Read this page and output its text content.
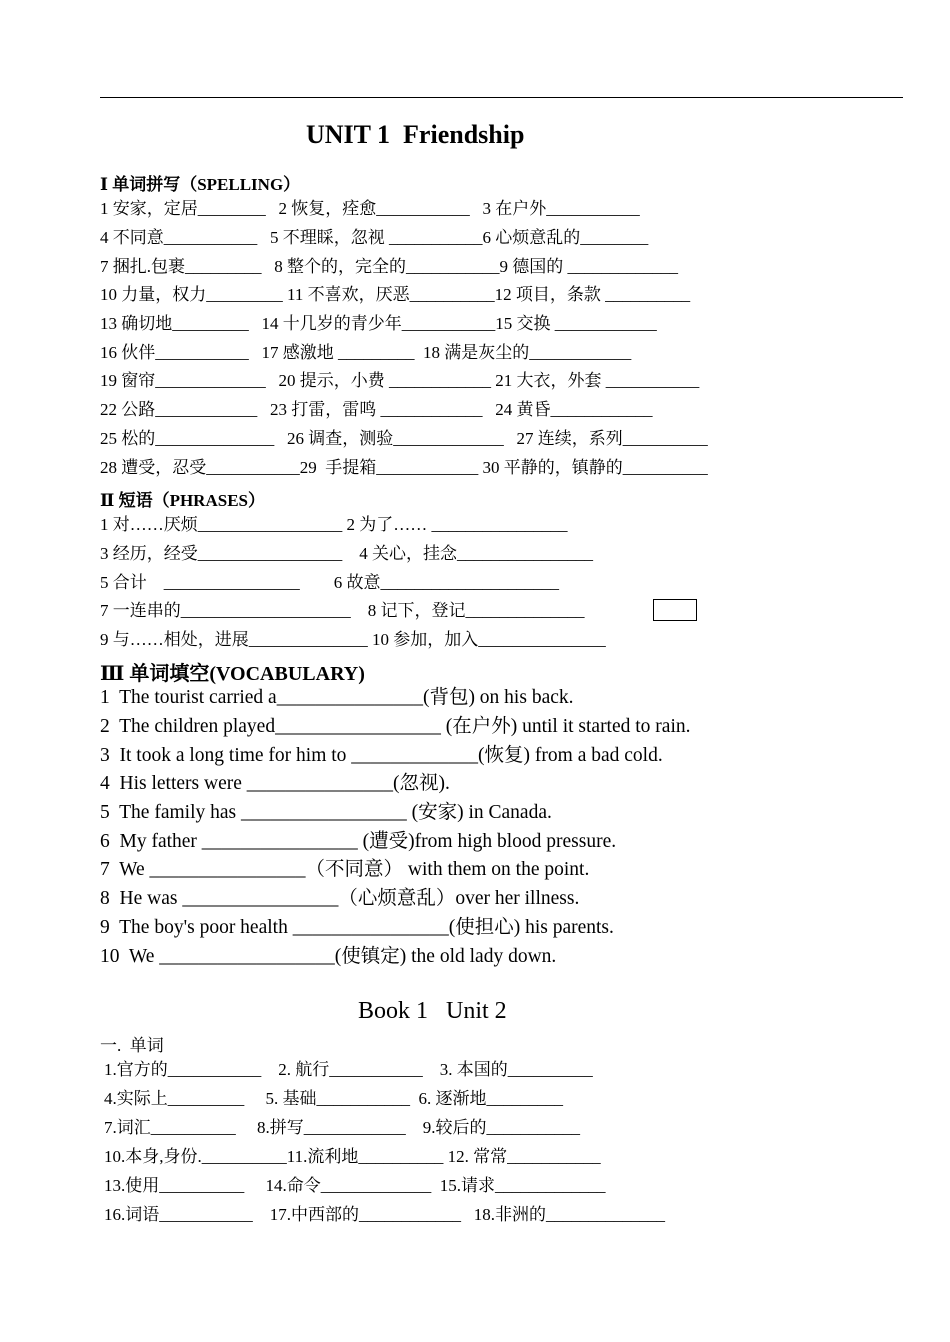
UNIT 1  Friendship
Ⅰ 单词拼写（SPELLING）
1 安家，定居________   2 恢复，痊愈___________   3 在户外___________
4 不同意___________   5 不理睬，忽视 ___________6 心烦意乱的________
7 捆扎.包裹_________   8 整个的，完全的___________9 德国的 _____________
10 力量，权力_________ 11 不喜欢，厌恶__________12 项目，条款 __________
13 确切地_________   14 十几岁的青少年___________15 交换 ____________
16 伙伴___________   17 感激地 _________  18 满是灰尘的____________
19 窗帘_____________   20 提示，小费 ____________ 21 大衣，外套 ___________
22 公路____________   23 打雷，雷鸣 ____________   24 黄昏____________
25 松的______________   26 调查，测验_____________   27 连续，系列__________
28 遭受，忍受___________29  手提箱____________ 30 平静的，镇静的__________
Ⅱ 短语（PHRASES）
1 对……厌烦_________________ 2 为了…… ________________
3 经历，经受_________________    4 关心，挂念________________
5 合计    ________________        6 故意_____________________
7 一连串的____________________    8 记下，登记______________
9 与……相处，进展______________ 10 参加，加入_______________
Ⅲ 单词填空(VOCABULARY)
1  The tourist carried a_______________(背包) on his back.
2  The children played_________________ (在户外) until it started to rain.
3  It took a long time for him to _____________(恢复) from a bad cold.
4  His letters were _______________(忽视).
5  The family has _________________ (安家) in Canada.
6  My father ________________ (遭受)from high blood pressure.
7  We ________________（不同意） with them on the point.
8  He was ________________（心烦意乱）over her illness.
9  The boy's poor health ________________(使担心) his parents.
10  We __________________(使镇定) the old lady down.
Book 1   Unit 2
一.  单词
1.官方的___________    2. 航行___________    3. 本国的__________
4.实际上_________     5. 基础___________  6. 逐渐地_________
7.词汇__________     8.拼写____________    9.较后的___________
10.本身,身份.__________11.流利地__________ 12. 常常___________
13.使用__________     14.命令_____________  15.请求_____________
16.词语___________    17.中西部的____________   18.非洲的______________
